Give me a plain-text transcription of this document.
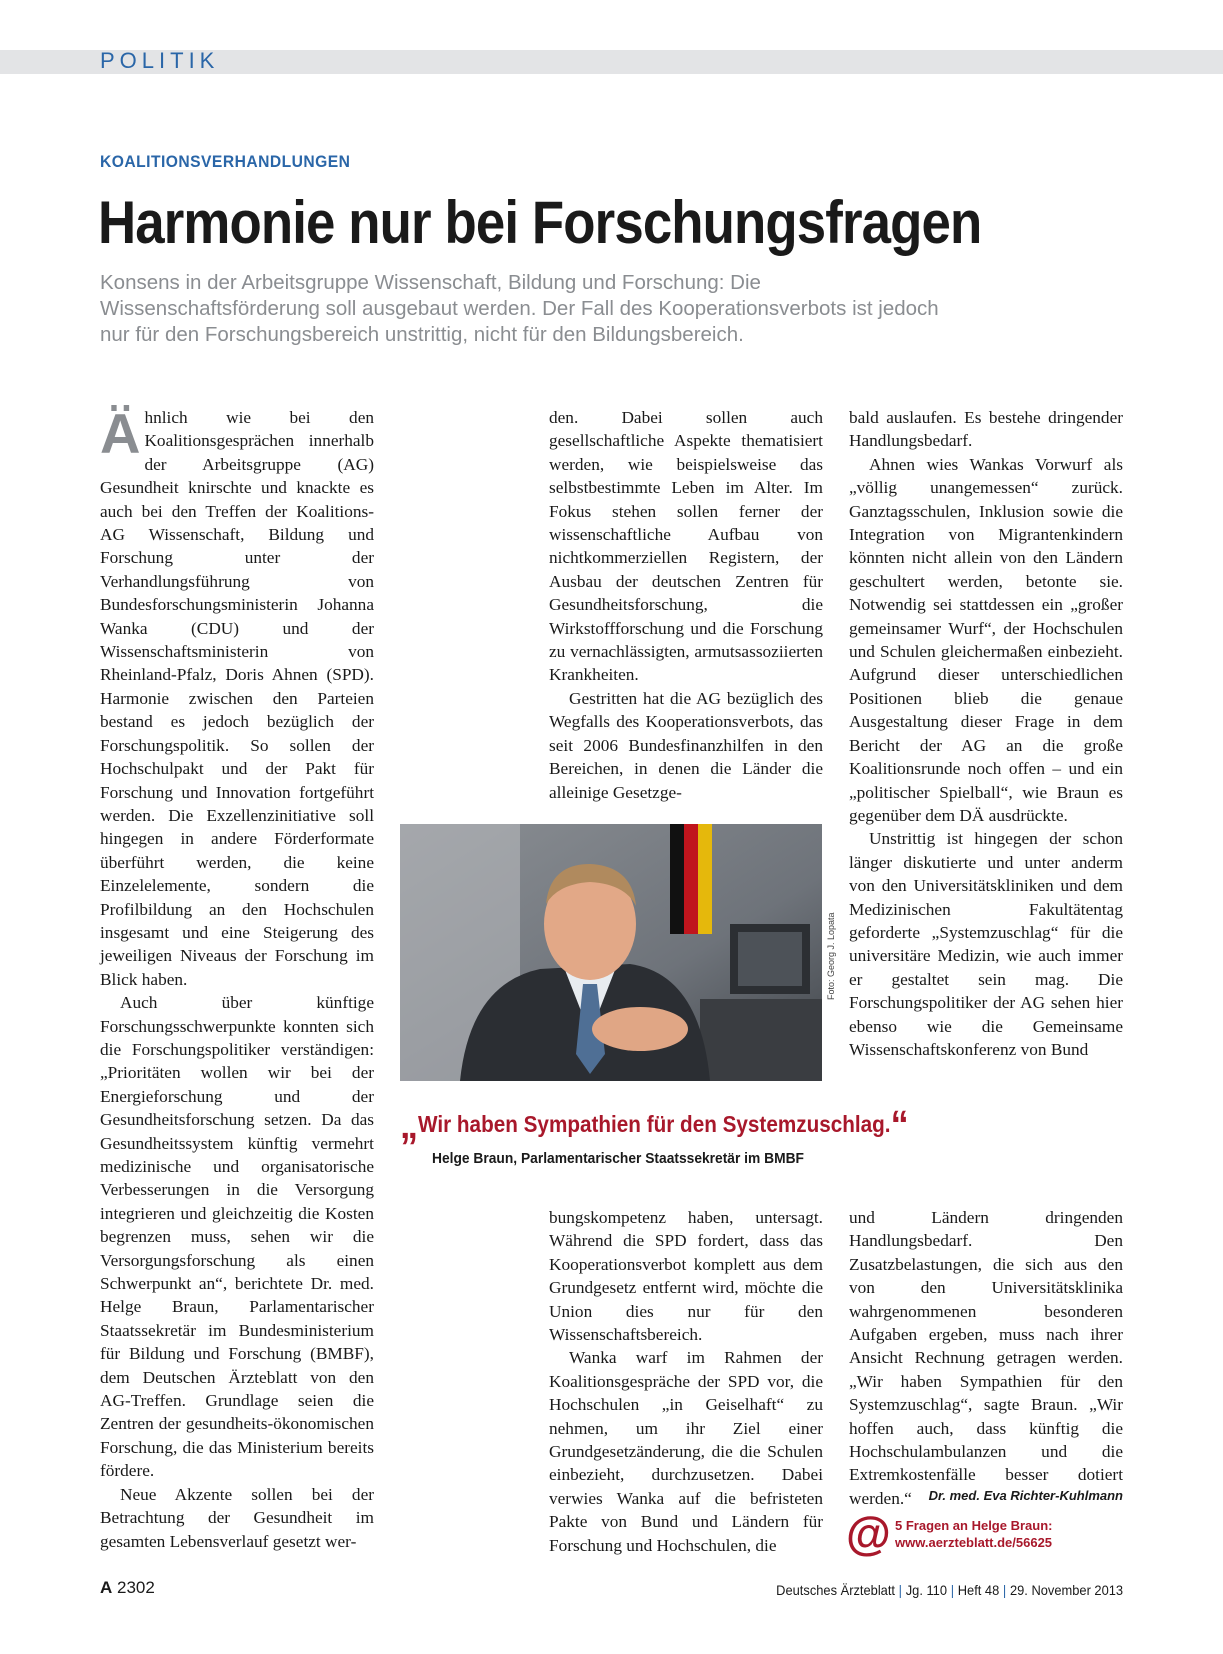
POLITIK
KOALITIONSVERHANDLUNGEN
Harmonie nur bei Forschungsfragen
Konsens in der Arbeitsgruppe Wissenschaft, Bildung und Forschung: Die Wissenschaftsförderung soll ausgebaut werden. Der Fall des Kooperationsverbots ist jedoch nur für den Forschungsbereich unstrittig, nicht für den Bildungsbereich.

Ähnlich wie bei den Koalitionsgesprächen innerhalb der Arbeitsgruppe (AG) Gesundheit knirschte und knackte es auch bei den Treffen der Koalitions-AG Wissenschaft, Bildung und Forschung unter der Verhandlungsführung von Bundesforschungsministerin Johanna Wanka (CDU) und der Wissenschaftsministerin von Rheinland-Pfalz, Doris Ahnen (SPD). Harmonie zwischen den Parteien bestand es jedoch bezüglich der Forschungspolitik. So sollen der Hochschulpakt und der Pakt für Forschung und Innovation fortgeführt werden. Die Exzellenzinitiative soll hingegen in andere Förderformate überführt werden, die keine Einzelelemente, sondern die Profilbildung an den Hochschulen insgesamt und eine Steigerung des jeweiligen Niveaus der Forschung im Blick haben.

Auch über künftige Forschungsschwerpunkte konnten sich die Forschungspolitiker verständigen: „Prioritäten wollen wir bei der Energieforschung und der Gesundheitsforschung setzen. Da das Gesundheitssystem künftig vermehrt medizinische und organisatorische Verbesserungen in die Versorgung integrieren und gleichzeitig die Kosten begrenzen muss, sehen wir die Versorgungsforschung als einen Schwerpunkt an“, berichtete Dr. med. Helge Braun, Parlamentarischer Staatssekretär im Bundesministerium für Bildung und Forschung (BMBF), dem Deutschen Ärzteblatt von den AG-Treffen. Grundlage seien die Zentren der gesundheits-ökonomischen Forschung, die das Ministerium bereits fördere.

Neue Akzente sollen bei der Betrachtung der Gesundheit im gesamten Lebensverlauf gesetzt wer-

den. Dabei sollen auch gesellschaftliche Aspekte thematisiert werden, wie beispielsweise das selbstbestimmte Leben im Alter. Im Fokus stehen sollen ferner der wissenschaftliche Aufbau von nichtkommerziellen Registern, der Ausbau der deutschen Zentren für Gesundheitsforschung, die Wirkstoffforschung und die Forschung zu vernachlässigten, armutsassoziierten Krankheiten.

Gestritten hat die AG bezüglich des Wegfalls des Kooperationsverbots, das seit 2006 Bundesfinanzhilfen in den Bereichen, in denen die Länder die alleinige Gesetzge-

bald auslaufen. Es bestehe dringender Handlungsbedarf.

Ahnen wies Wankas Vorwurf als „völlig unangemessen“ zurück. Ganztagsschulen, Inklusion sowie die Integration von Migrantenkindern könnten nicht allein von den Ländern geschultert werden, betonte sie. Notwendig sei stattdessen ein „großer gemeinsamer Wurf“, der Hochschulen und Schulen gleichermaßen einbezieht. Aufgrund dieser unterschiedlichen Positionen blieb die genaue Ausgestaltung dieser Frage in dem Bericht der AG an die große Koalitionsrunde noch offen – und ein „politischer Spielball“, wie Braun es gegenüber dem DÄ ausdrückte.

Unstrittig ist hingegen der schon länger diskutierte und unter anderm von den Universitätskliniken und dem Medizinischen Fakultätentag geforderte „Systemzuschlag“ für die universitäre Medizin, wie auch immer er gestaltet sein mag. Die Forschungspolitiker der AG sehen hier ebenso wie die Gemeinsame Wissenschaftskonferenz von Bund

Foto: Georg J. Lopata
„Wir haben Sympathien für den Systemzuschlag.“
Helge Braun, Parlamentarischer Staatssekretär im BMBF

bungskompetenz haben, untersagt. Während die SPD fordert, dass das Kooperationsverbot komplett aus dem Grundgesetz entfernt wird, möchte die Union dies nur für den Wissenschaftsbereich.

Wanka warf im Rahmen der Koalitionsgespräche der SPD vor, die Hochschulen „in Geiselhaft“ zu nehmen, um ihr Ziel einer Grundgesetzänderung, die die Schulen einbezieht, durchzusetzen. Dabei verwies Wanka auf die befristeten Pakte von Bund und Ländern für Forschung und Hochschulen, die

und Ländern dringenden Handlungsbedarf. Den Zusatzbelastungen, die sich aus den von den Universitätsklinika wahrgenommenen besonderen Aufgaben ergeben, muss nach ihrer Ansicht Rechnung getragen werden. „Wir haben Sympathien für den Systemzuschlag“, sagte Braun. „Wir hoffen auch, dass künftig die Hochschulambulanzen und die Extremkostenfälle besser dotiert werden.“	Dr. med. Eva Richter-Kuhlmann
@ 5 Fragen an Helge Braun:
www.aerzteblatt.de/56625
A 2302	Deutsches Ärzteblatt | Jg. 110 | Heft 48 | 29. November 2013
